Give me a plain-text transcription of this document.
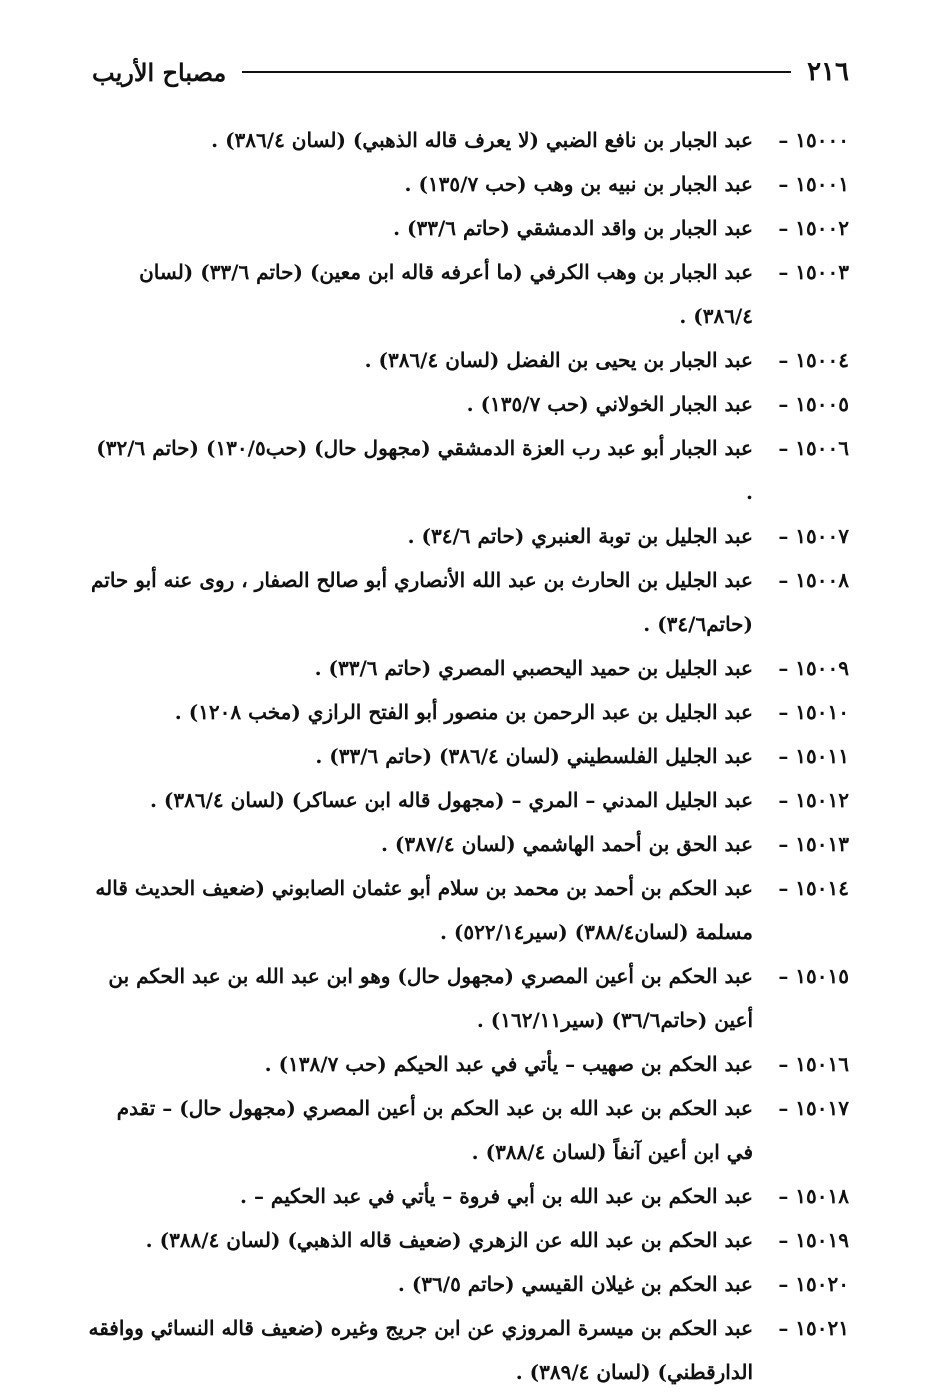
٢١٦
مصباح الأريب
١٥٠٠٠ –عبد الجبار بن نافع الضبي (لا يعرف قاله الذهبي) (لسان ٣٨٦/٤) .
١٥٠٠١ –عبد الجبار بن نبيه بن وهب (حب ١٣٥/٧) .
١٥٠٠٢ –عبد الجبار بن واقد الدمشقي (حاتم ٣٣/٦) .
١٥٠٠٣ –عبد الجبار بن وهب الكرفي (ما أعرفه قاله ابن معين) (حاتم ٣٣/٦) (لسان ٣٨٦/٤) .
١٥٠٠٤ –عبد الجبار بن يحيى بن الفضل (لسان ٣٨٦/٤) .
١٥٠٠٥ –عبد الجبار الخولاني (حب ١٣٥/٧) .
١٥٠٠٦ –عبد الجبار أبو عبد رب العزة الدمشقي (مجهول حال) (حب١٣٠/٥) (حاتم ٣٢/٦) .
١٥٠٠٧ –عبد الجليل بن توبة العنبري (حاتم ٣٤/٦) .
١٥٠٠٨ –عبد الجليل بن الحارث بن عبد الله الأنصاري أبو صالح الصفار ، روى عنه أبو حاتم (حاتم٣٤/٦) .
١٥٠٠٩ –عبد الجليل بن حميد اليحصبي المصري (حاتم ٣٣/٦) .
١٥٠١٠ –عبد الجليل بن عبد الرحمن بن منصور أبو الفتح الرازي (مخب ١٢٠٨) .
١٥٠١١ –عبد الجليل الفلسطيني (لسان ٣٨٦/٤) (حاتم ٣٣/٦) .
١٥٠١٢ –عبد الجليل المدني – المري – (مجهول قاله ابن عساكر) (لسان ٣٨٦/٤) .
١٥٠١٣ –عبد الحق بن أحمد الهاشمي (لسان ٣٨٧/٤) .
١٥٠١٤ –عبد الحكم بن أحمد بن محمد بن سلام أبو عثمان الصابوني (ضعيف الحديث قاله مسلمة (لسان٣٨٨/٤) (سير٥٢٢/١٤) .
١٥٠١٥ –عبد الحكم بن أعين المصري (مجهول حال) وهو ابن عبد الله بن عبد الحكم بن أعين (حاتم٣٦/٦) (سير١٦٢/١١) .
١٥٠١٦ –عبد الحكم بن صهيب – يأتي في عبد الحيكم (حب ١٣٨/٧) .
١٥٠١٧ –عبد الحكم بن عبد الله بن عبد الحكم بن أعين المصري (مجهول حال) – تقدم في ابن أعين آنفاً (لسان ٣٨٨/٤) .
١٥٠١٨ –عبد الحكم بن عبد الله بن أبي فروة – يأتي في عبد الحكيم – .
١٥٠١٩ –عبد الحكم بن عبد الله عن الزهري (ضعيف قاله الذهبي) (لسان ٣٨٨/٤) .
١٥٠٢٠ –عبد الحكم بن غيلان القيسي (حاتم ٣٦/٥) .
١٥٠٢١ –عبد الحكم بن ميسرة المروزي عن ابن جريج وغيره (ضعيف قاله النسائي ووافقه الدارقطني) (لسان ٣٨٩/٤) .
